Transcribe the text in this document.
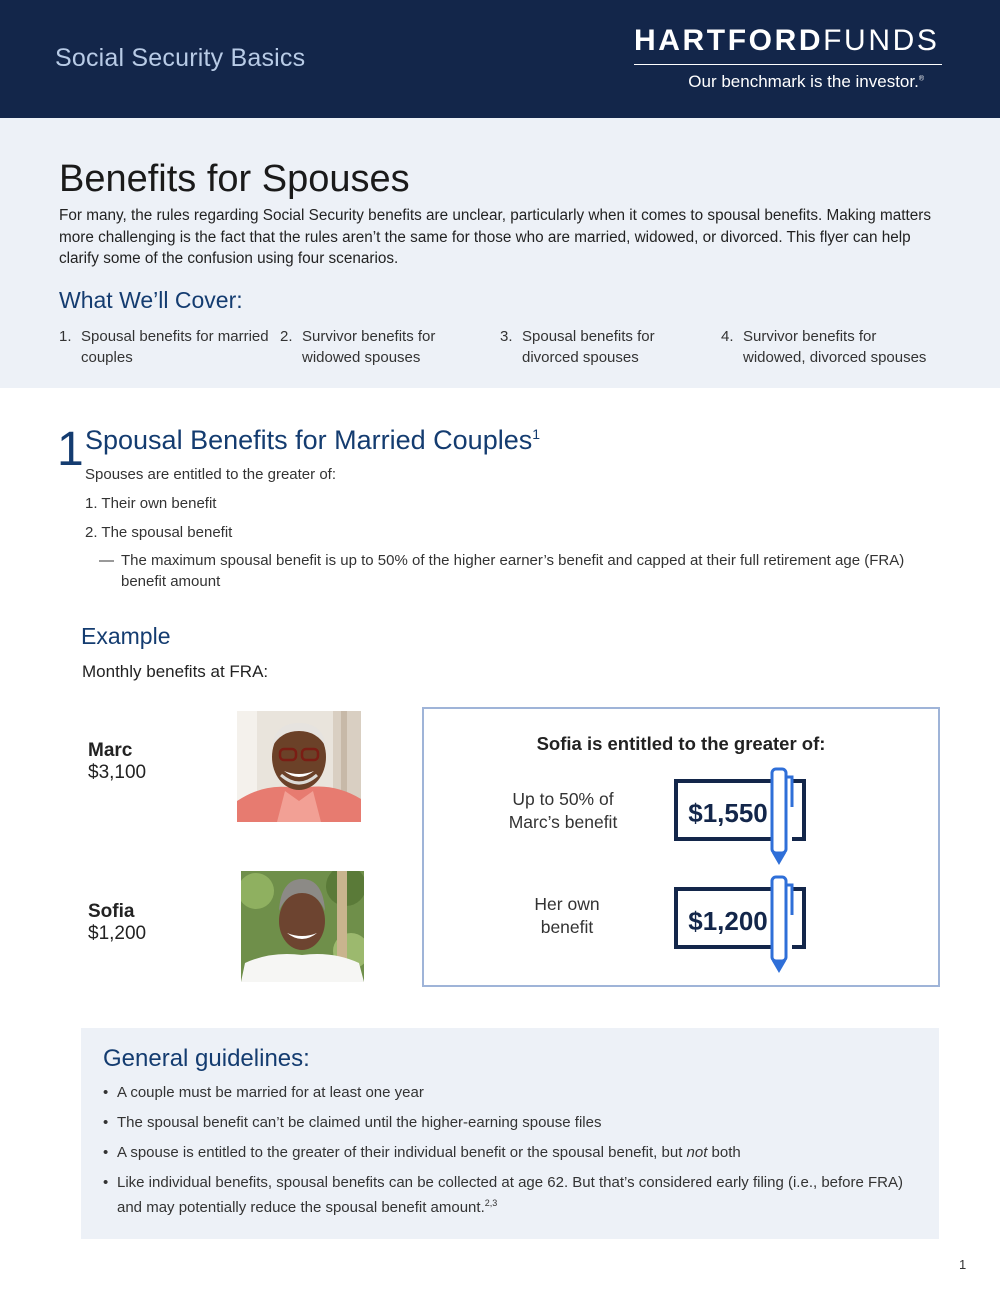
Social Security Basics
HARTFORDFUNDS
Our benchmark is the investor.®
Benefits for Spouses

For many, the rules regarding Social Security benefits are unclear, particularly when it comes to spousal benefits. Making matters more challenging is the fact that the rules aren’t the same for those who are married, widowed, or divorced. This flyer can help clarify some of the confusion using four scenarios.

What We’ll Cover:
1. Spousal benefits for married couples
2. Survivor benefits for widowed spouses
3. Spousal benefits for divorced spouses
4. Survivor benefits for widowed, divorced spouses
1 Spousal Benefits for Married Couples$^1$
Spouses are entitled to the greater of:
1. Their own benefit
2. The spousal benefit
— The maximum spousal benefit is up to 50% of the higher earner’s benefit and capped at their full retirement age (FRA) benefit amount
Example
Monthly benefits at FRA:
Marc
$3,100
Sofia
$1,200
Sofia is entitled to the greater of:
Up to 50% of
Marc’s benefit	$1,550
Her own
benefit	$1,200
General guidelines:
• A couple must be married for at least one year
• The spousal benefit can’t be claimed until the higher-earning spouse files
• A spouse is entitled to the greater of their individual benefit or the spousal benefit, but not both
• Like individual benefits, spousal benefits can be collected at age 62. But that’s considered early filing (i.e., before FRA) and may potentially reduce the spousal benefit amount.$^{2,3}$
1
